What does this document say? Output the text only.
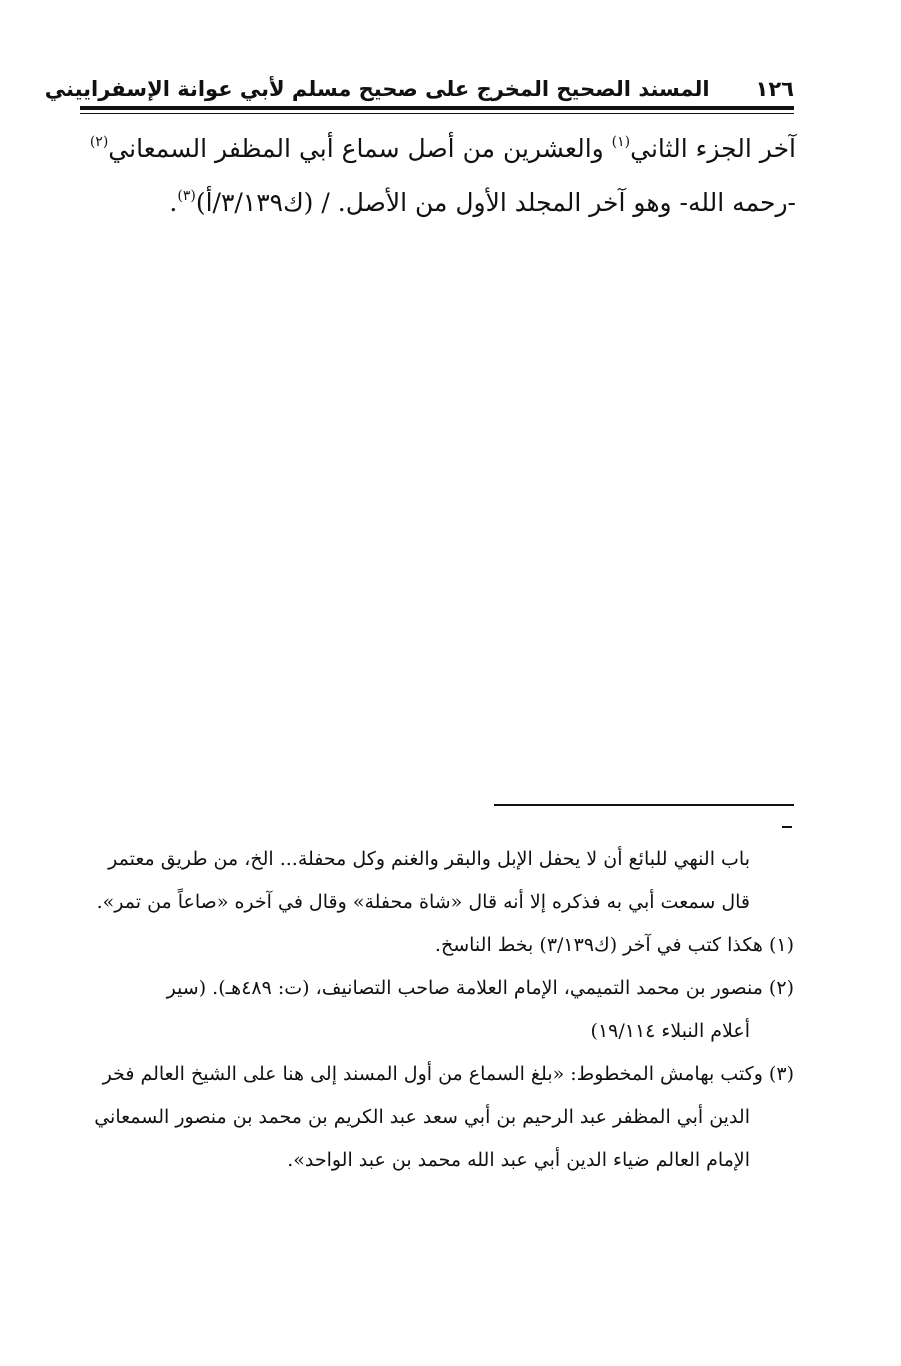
١٢٦
المسند الصحيح المخرج على صحيح مسلم لأبي عوانة الإسفراييني

آخر الجزء الثاني$^{(١)}$ والعشرين من أصل سماع أبي المظفر السمعاني$^{(٢)}$

-رحمه الله- وهو آخر المجلد الأول من الأصل. / (ك٣/١٣٩/أ)$^{(٣)}$.

باب النهي للبائع أن لا يحفل الإبل والبقر والغنم وكل محفلة... الخ، من طريق معتمر

قال سمعت أبي به فذكره إلا أنه قال «شاة محفلة» وقال في آخره «صاعاً من تمر».

(١) هكذا كتب في آخر (ك٣/١٣٩) بخط الناسخ.

(٢) منصور بن محمد التميمي، الإمام العلامة صاحب التصانيف، (ت: ٤٨٩هـ). (سير

أعلام النبلاء ١٩/١١٤)

(٣) وكتب بهامش المخطوط: «بلغ السماع من أول المسند إلى هنا على الشيخ العالم فخر

الدين أبي المظفر عبد الرحيم بن أبي سعد عبد الكريم بن محمد بن منصور السمعاني

الإمام العالم ضياء الدين أبي عبد الله محمد بن عبد الواحد».
